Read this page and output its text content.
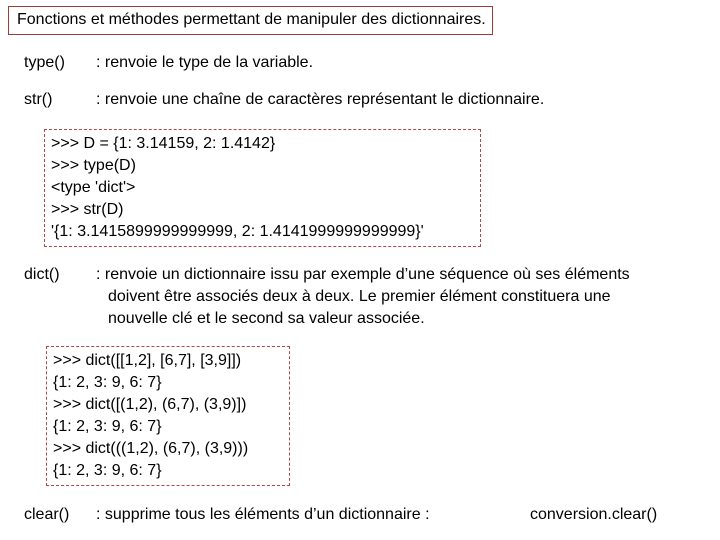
Fonctions et méthodes permettant de manipuler des dictionnaires.
type() : renvoie le type de la variable.
str()	: renvoie une chaîne de caractères représentant le dictionnaire.
>>> D = {1: 3.14159, 2: 1.4142}
>>> type(D)
<type 'dict'>
>>> str(D)
'{1: 3.1415899999999999, 2: 1.4141999999999999}'
dict() : renvoie un dictionnaire issu par exemple d’une séquence où ses éléments
doivent être associés deux à deux. Le premier élément constituera une
nouvelle clé et le second sa valeur associée.
>>> dict([[1,2], [6,7], [3,9]])
{1: 2, 3: 9, 6: 7}
>>> dict([(1,2), (6,7), (3,9)])
{1: 2, 3: 9, 6: 7}
>>> dict(((1,2), (6,7), (3,9)))
{1: 2, 3: 9, 6: 7}
clear() : supprime tous les éléments d’un dictionnaire :	conversion.clear()
